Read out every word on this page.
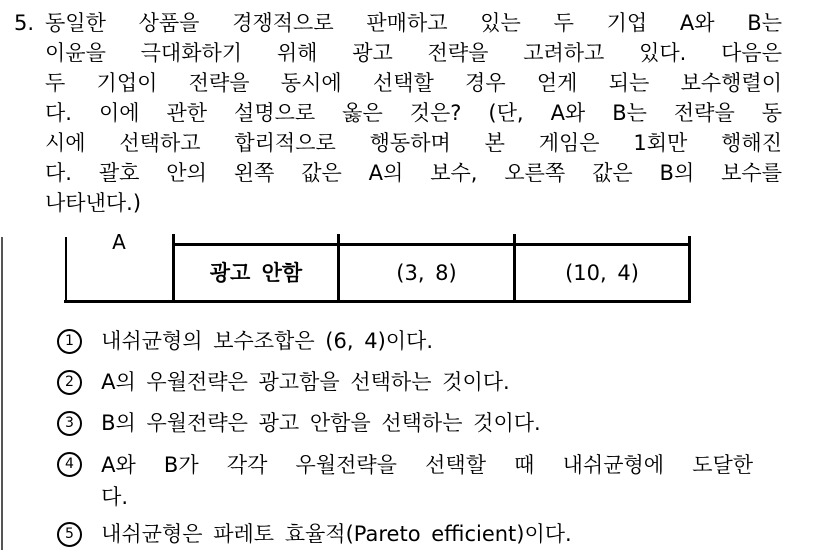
5. 동일한 상품을 경쟁적으로 판매하고 있는 두 기업 A와 B는
이윤을 극대화하기 위해 광고 전략을 고려하고 있다. 다음은
두 기업이 전략을 동시에 선택할 경우 얻게 되는 보수행렬이
다. 이에 관한 설명으로 옳은 것은? (단, A와 B는 전략을 동
시에 선택하고 합리적으로 행동하며 본 게임은 1회만 행해진
다. 괄호 안의 왼쪽 값은 A의 보수, 오른쪽 값은 B의 보수를
나타낸다.)
A
광고 안함	(3, 8)	(10, 4)
1 내쉬균형의 보수조합은 (6, 4)이다.
2 A의 우월전략은 광고함을 선택하는 것이다.
3 B의 우월전략은 광고 안함을 선택하는 것이다.
4 A와 B가 각각 우월전략을 선택할 때 내쉬균형에 도달한
다.
5 내쉬균형은 파레토 효율적(Pareto efficient)이다.
